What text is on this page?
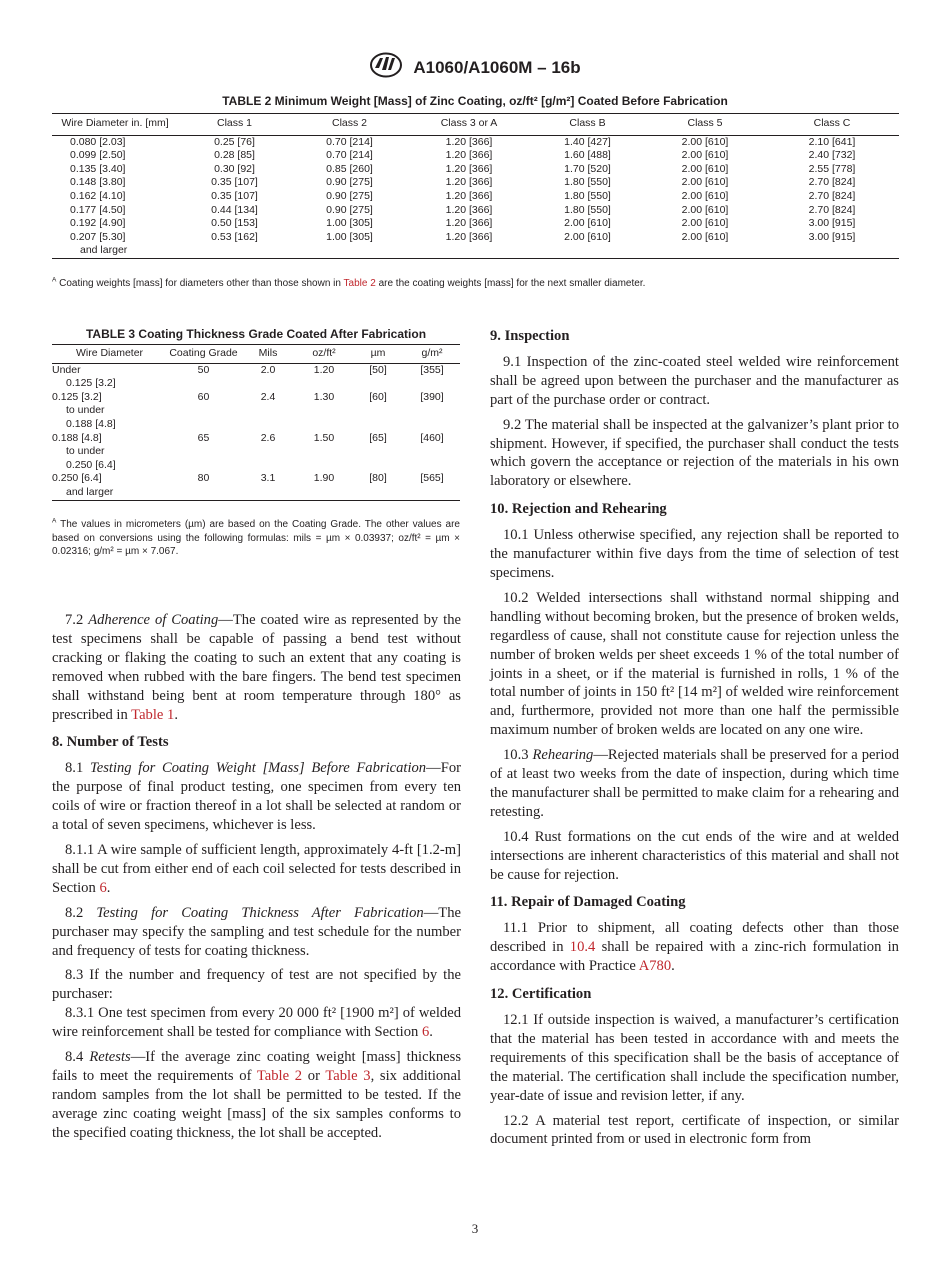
A1060/A1060M – 16b
TABLE 2 Minimum Weight [Mass] of Zinc Coating, oz/ft² [g/m²] Coated Before Fabrication
Wire Diameter in. [mm]	Class 1	Class 2	Class 3 or A	Class B	Class 5	Class C
0.080 [2.03]	0.25 [76]	0.70 [214]	1.20 [366]	1.40 [427]	2.00 [610]	2.10 [641]
0.099 [2.50]	0.28 [85]	0.70 [214]	1.20 [366]	1.60 [488]	2.00 [610]	2.40 [732]
0.135 [3.40]	0.30 [92]	0.85 [260]	1.20 [366]	1.70 [520]	2.00 [610]	2.55 [778]
0.148 [3.80]	0.35 [107]	0.90 [275]	1.20 [366]	1.80 [550]	2.00 [610]	2.70 [824]
0.162 [4.10]	0.35 [107]	0.90 [275]	1.20 [366]	1.80 [550]	2.00 [610]	2.70 [824]
0.177 [4.50]	0.44 [134]	0.90 [275]	1.20 [366]	1.80 [550]	2.00 [610]	2.70 [824]
0.192 [4.90]	0.50 [153]	1.00 [305]	1.20 [366]	2.00 [610]	2.00 [610]	3.00 [915]
0.207 [5.30]	0.53 [162]	1.00 [305]	1.20 [366]	2.00 [610]	2.00 [610]	3.00 [915]
and larger						
$^A$ Coating weights [mass] for diameters other than those shown in Table 2 are the coating weights [mass] for the next smaller diameter.
TABLE 3 Coating Thickness Grade Coated After Fabrication
Wire Diameter	Coating Grade	Mils	oz/ft²	µm	g/m²
Under	50	2.0	1.20	[50]	[355]
0.125 [3.2]					
0.125 [3.2]	60	2.4	1.30	[60]	[390]
to under					
0.188 [4.8]					
0.188 [4.8]	65	2.6	1.50	[65]	[460]
to under					
0.250 [6.4]					
0.250 [6.4]	80	3.1	1.90	[80]	[565]
and larger					
$^A$ The values in micrometers (µm) are based on the Coating Grade. The other values are based on conversions using the following formulas: mils = µm × 0.03937; oz/ft² = µm × 0.02316; g/m² = µm × 7.067.

7.2 Adherence of Coating—The coated wire as represented by the test specimens shall be capable of passing a bend test without cracking or flaking the coating to such an extent that any coating is removed when rubbed with the bare fingers. The bend test specimen shall withstand being bent at room temperature through 180° as prescribed in Table 1.

8. Number of Tests

8.1 Testing for Coating Weight [Mass] Before Fabrication—For the purpose of final product testing, one specimen from every ten coils of wire or fraction thereof in a lot shall be selected at random or a total of seven specimens, whichever is less.

8.1.1 A wire sample of sufficient length, approximately 4-ft [1.2-m] shall be cut from either end of each coil selected for tests described in Section 6.

8.2 Testing for Coating Thickness After Fabrication—The purchaser may specify the sampling and test schedule for the number and frequency of tests for coating thickness.

8.3 If the number and frequency of test are not specified by the purchaser:

8.3.1 One test specimen from every 20 000 ft² [1900 m²] of welded wire reinforcement shall be tested for compliance with Section 6.

8.4 Retests—If the average zinc coating weight [mass] thickness fails to meet the requirements of Table 2 or Table 3, six additional random samples from the lot shall be permitted to be tested. If the average zinc coating weight [mass] of the six samples conforms to the specified coating thickness, the lot shall be accepted.

9. Inspection

9.1 Inspection of the zinc-coated steel welded wire reinforcement shall be agreed upon between the purchaser and the manufacturer as part of the purchase order or contract.

9.2 The material shall be inspected at the galvanizer’s plant prior to shipment. However, if specified, the purchaser shall conduct the tests which govern the acceptance or rejection of the materials in his own laboratory or elsewhere.

10. Rejection and Rehearing

10.1 Unless otherwise specified, any rejection shall be reported to the manufacturer within five days from the time of selection of test specimens.

10.2 Welded intersections shall withstand normal shipping and handling without becoming broken, but the presence of broken welds, regardless of cause, shall not constitute cause for rejection unless the number of broken welds per sheet exceeds 1 % of the total number of joints in a sheet, or if the material is furnished in rolls, 1 % of the total number of joints in 150 ft² [14 m²] of welded wire reinforcement and, furthermore, provided not more than one half the permissible maximum number of broken welds are located on any one wire.

10.3 Rehearing—Rejected materials shall be preserved for a period of at least two weeks from the date of inspection, during which time the manufacturer shall be permitted to make claim for a rehearing and retesting.

10.4 Rust formations on the cut ends of the wire and at welded intersections are inherent characteristics of this material and shall not be cause for rejection.

11. Repair of Damaged Coating

11.1 Prior to shipment, all coating defects other than those described in 10.4 shall be repaired with a zinc-rich formulation in accordance with Practice A780.

12. Certification

12.1 If outside inspection is waived, a manufacturer’s certification that the material has been tested in accordance with and meets the requirements of this specification shall be the basis of acceptance of the material. The certification shall include the specification number, year-date of issue and revision letter, if any.

12.2 A material test report, certificate of inspection, or similar document printed from or used in electronic form from

3
